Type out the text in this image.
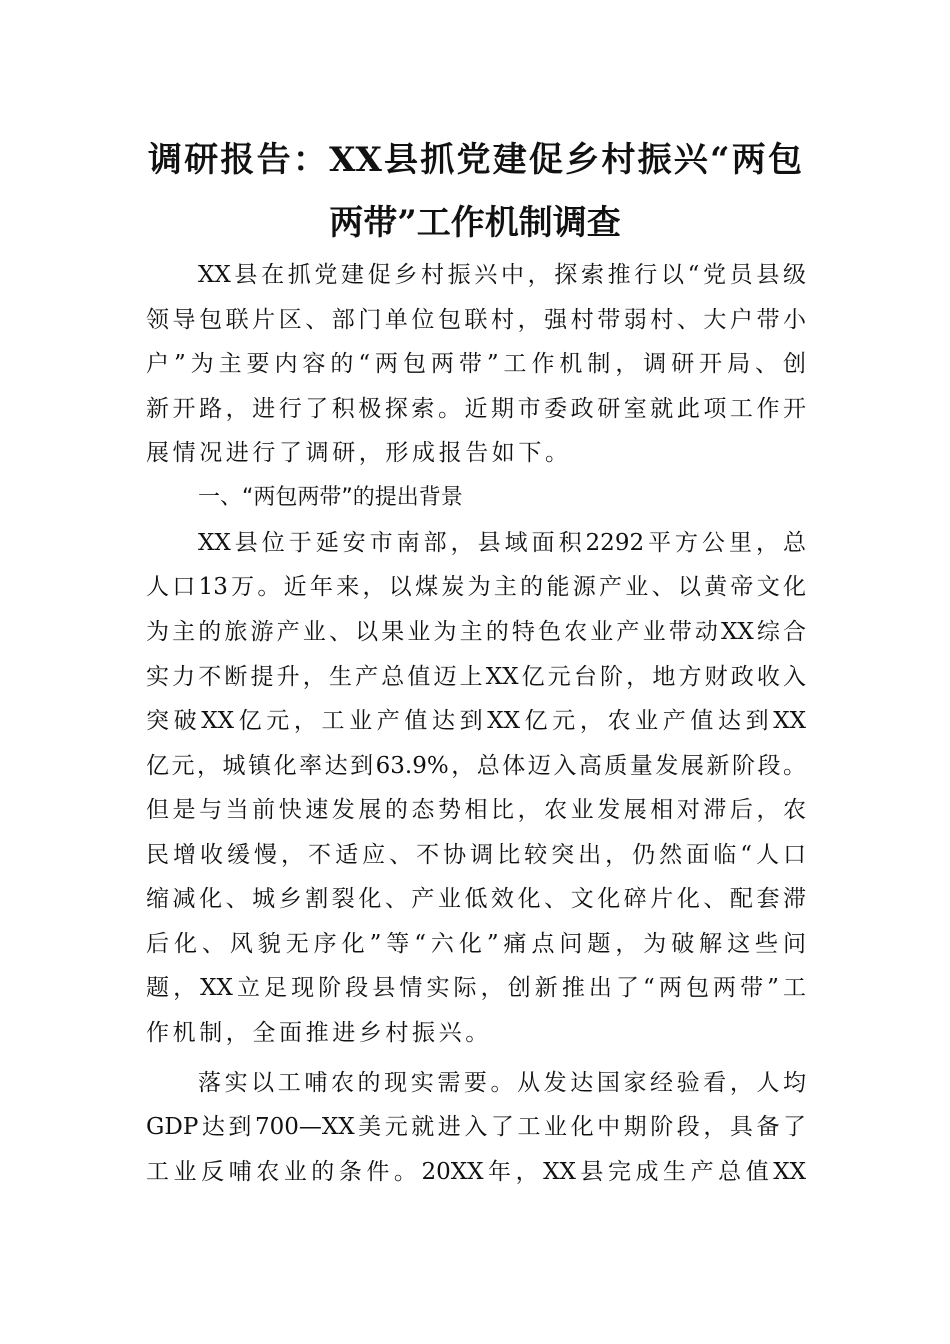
调研报告：XX县抓党建促乡村振兴“两包
两带”工作机制调查
XX县在抓党建促乡村振兴中，探索推行以“党员县级
领导包联片区、部门单位包联村，强村带弱村、大户带小
户”为主要内容的“两包两带”工作机制，调研开局、创
新开路，进行了积极探索。近期市委政研室就此项工作开
展情况进行了调研，形成报告如下。
一、“两包两带”的提出背景
XX县位于延安市南部，县域面积2292平方公里，总
人口13万。近年来，以煤炭为主的能源产业、以黄帝文化
为主的旅游产业、以果业为主的特色农业产业带动XX综合
实力不断提升，生产总值迈上XX亿元台阶，地方财政收入
突破XX亿元，工业产值达到XX亿元，农业产值达到XX
亿元，城镇化率达到63.9%，总体迈入高质量发展新阶段。
但是与当前快速发展的态势相比，农业发展相对滞后，农
民增收缓慢，不适应、不协调比较突出，仍然面临“人口
缩减化、城乡割裂化、产业低效化、文化碎片化、配套滞
后化、风貌无序化”等“六化”痛点问题，为破解这些问
题，XX立足现阶段县情实际，创新推出了“两包两带”工
作机制，全面推进乡村振兴。
落实以工哺农的现实需要。从发达国家经验看，人均
GDP达到700—XX美元就进入了工业化中期阶段，具备了
工业反哺农业的条件。20XX年，XX县完成生产总值XX
